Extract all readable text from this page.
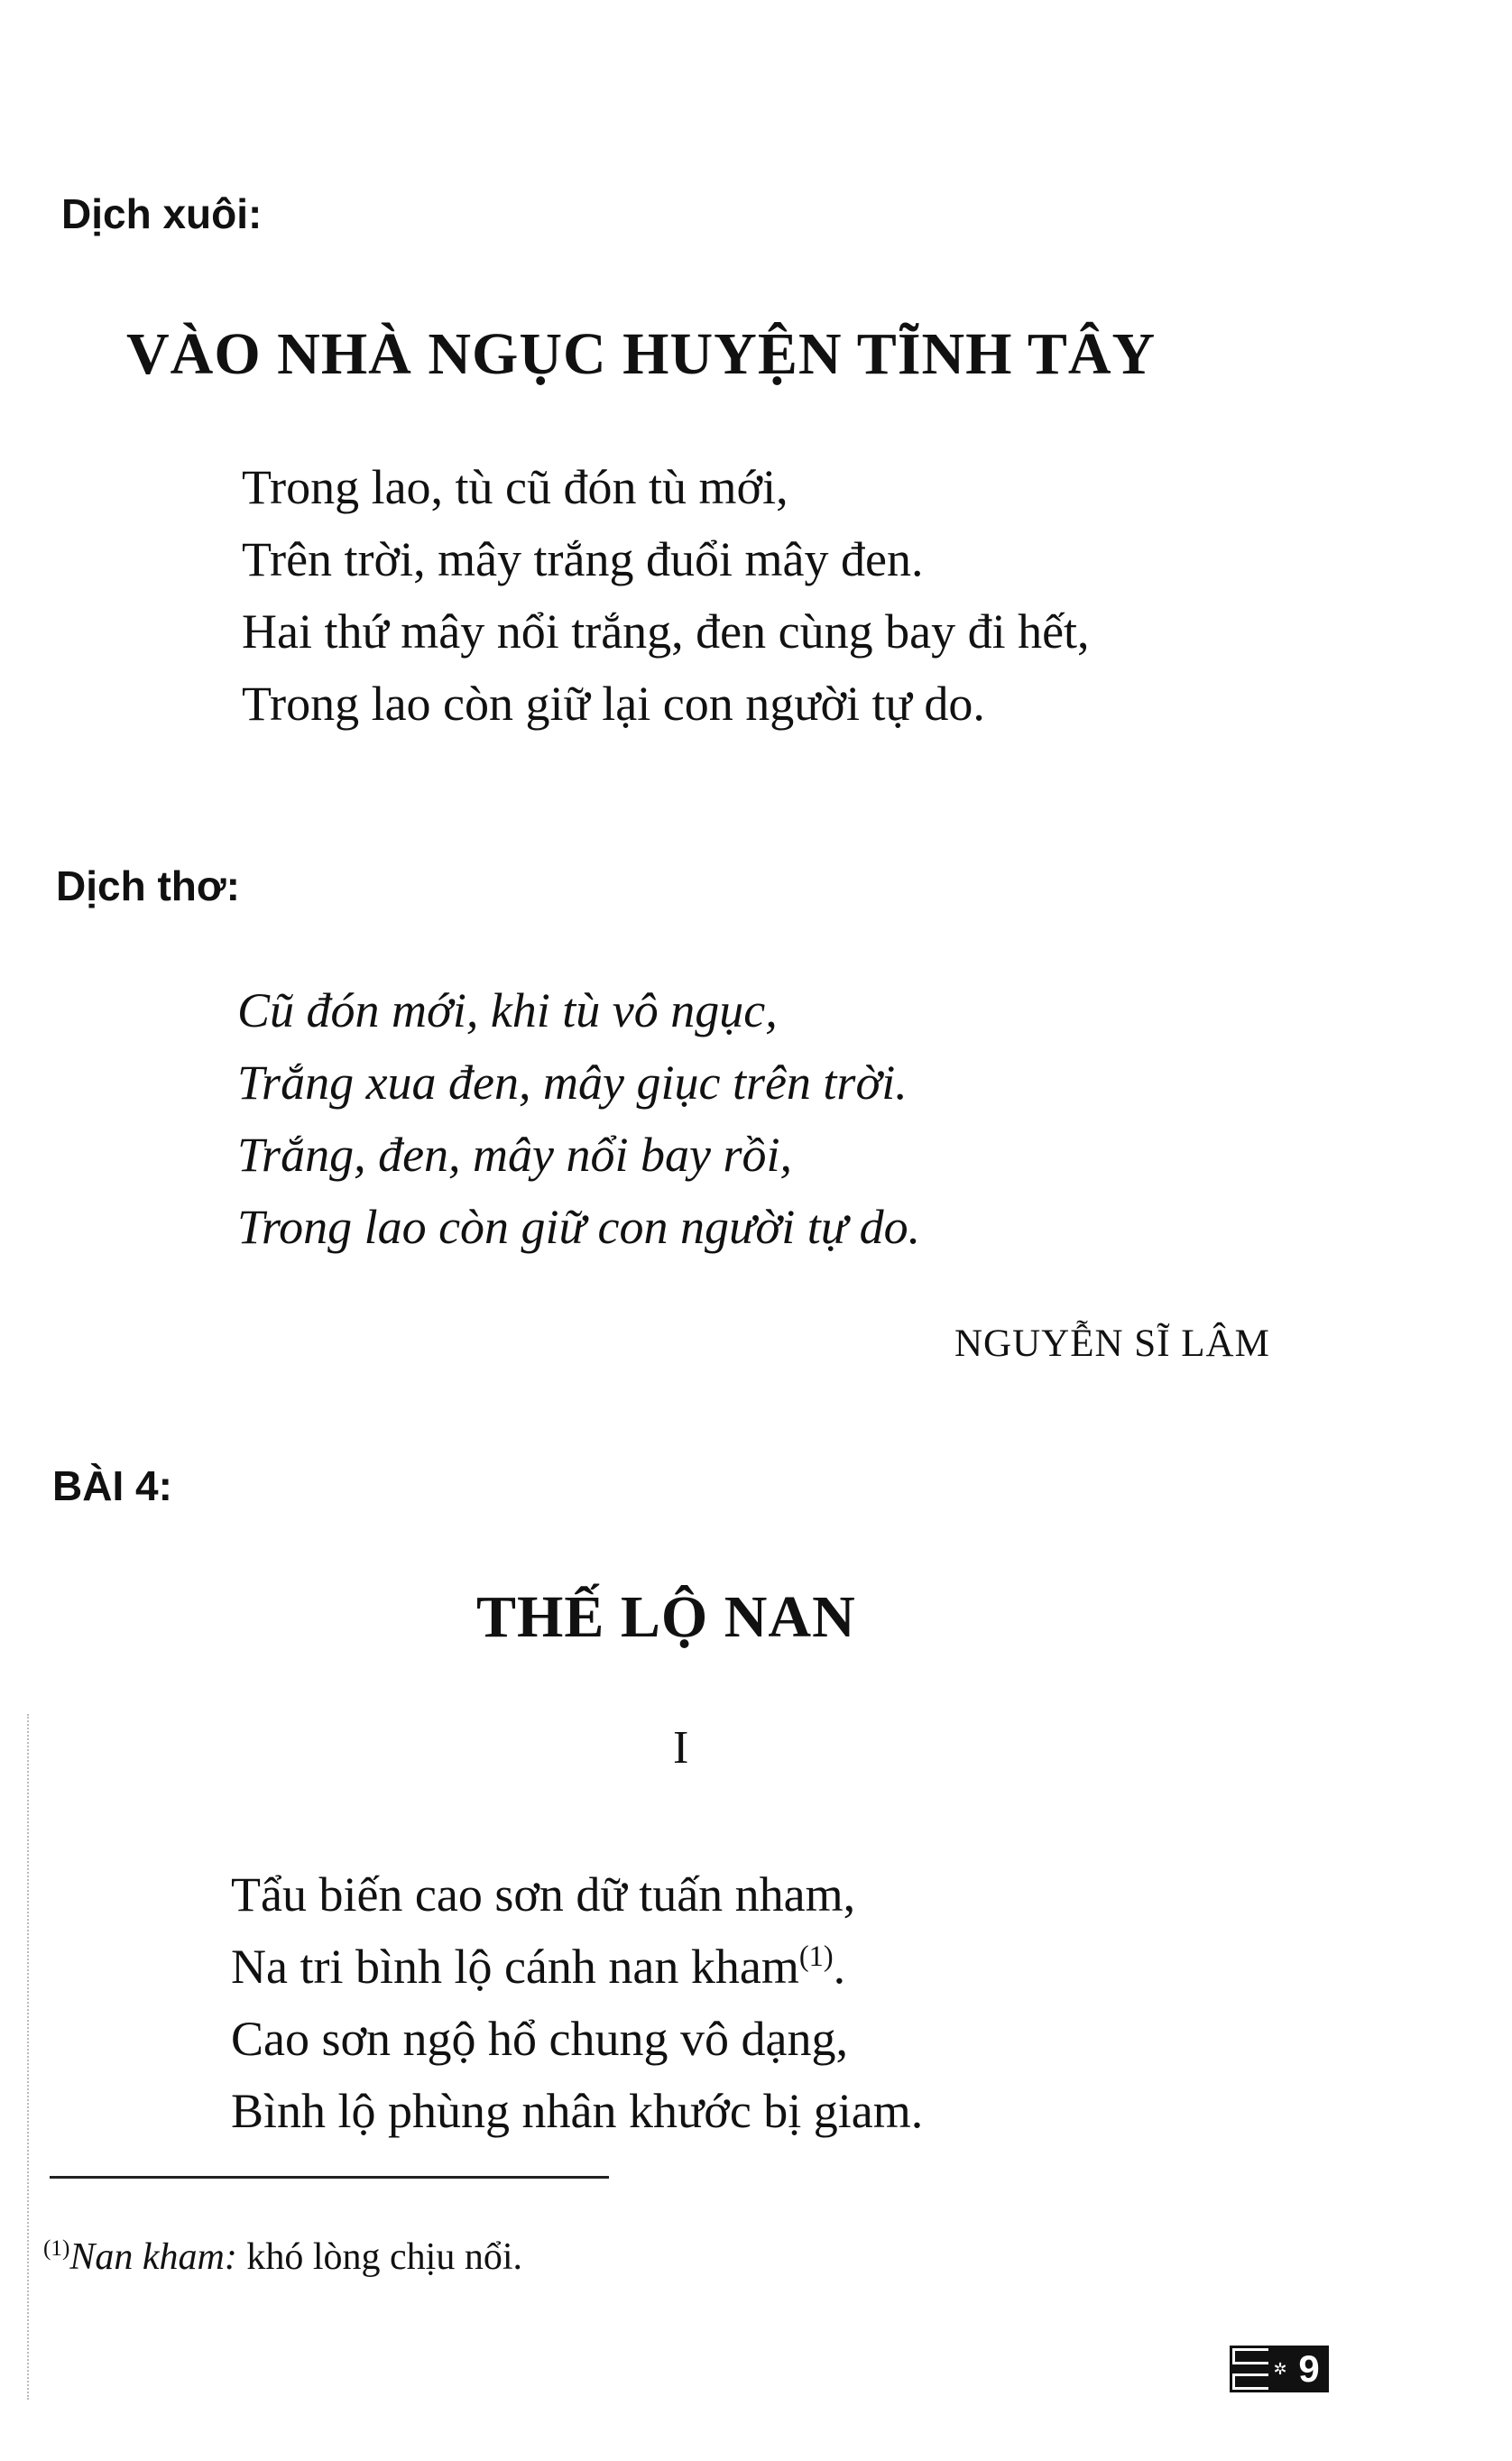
Dịch xuôi:
VÀO NHÀ NGỤC HUYỆN TĨNH TÂY
Trong lao, tù cũ đón tù mới,
Trên trời, mây trắng đuổi mây đen.
Hai thứ mây nổi trắng, đen cùng bay đi hết,
Trong lao còn giữ lại con người tự do.
Dịch thơ:
Cũ đón mới, khi tù vô ngục,
Trắng xua đen, mây giục trên trời.
Trắng, đen, mây nổi bay rồi,
Trong lao còn giữ con người tự do.
NGUYỄN SĨ LÂM
BÀI 4:
THẾ LỘ NAN
I
Tẩu biến cao sơn dữ tuấn nham,
Na tri bình lộ cánh nan kham$^{(1)}$.
Cao sơn ngộ hổ chung vô dạng,
Bình lộ phùng nhân khước bị giam.
$^{(1)}$Nan kham: khó lòng chịu nổi.
✲ 9
